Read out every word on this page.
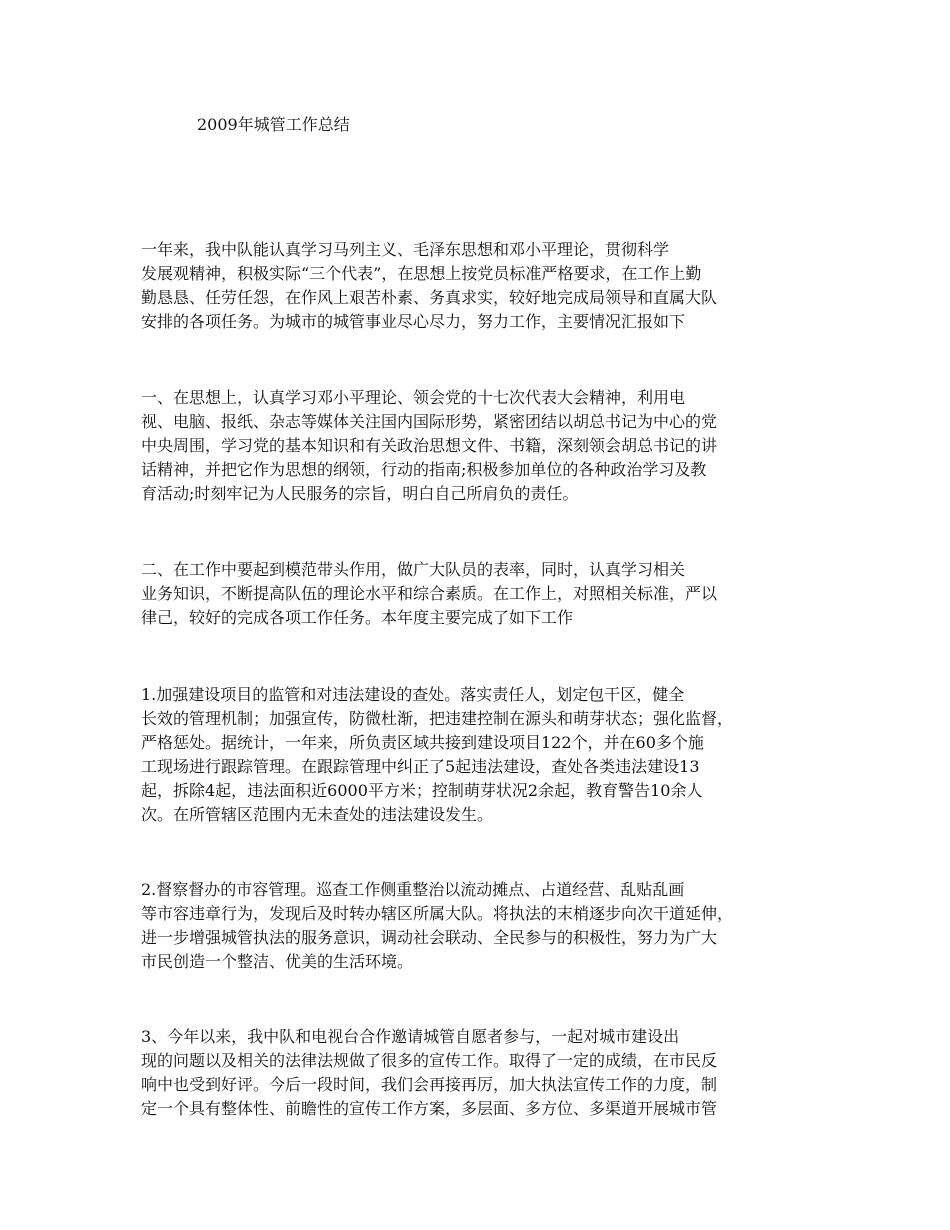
2009年城管工作总结
一年来，我中队能认真学习马列主义、毛泽东思想和邓小平理论，贯彻科学
发展观精神，积极实际“三个代表”，在思想上按党员标准严格要求，在工作上勤
勤恳恳、任劳任怨，在作风上艰苦朴素、务真求实，较好地完成局领导和直属大队
安排的各项任务。为城市的城管事业尽心尽力，努力工作，主要情况汇报如下
一、在思想上，认真学习邓小平理论、领会党的十七次代表大会精神，利用电
视、电脑、报纸、杂志等媒体关注国内国际形势，紧密团结以胡总书记为中心的党
中央周围，学习党的基本知识和有关政治思想文件、书籍，深刻领会胡总书记的讲
话精神，并把它作为思想的纲领，行动的指南;积极参加单位的各种政治学习及教
育活动;时刻牢记为人民服务的宗旨，明白自己所肩负的责任。
二、在工作中要起到模范带头作用，做广大队员的表率，同时，认真学习相关
业务知识，不断提高队伍的理论水平和综合素质。在工作上，对照相关标准，严以
律己，较好的完成各项工作任务。本年度主要完成了如下工作
1.加强建设项目的监管和对违法建设的查处。落实责任人，划定包干区，健全
长效的管理机制；加强宣传，防微杜渐，把违建控制在源头和萌芽状态；强化监督，
严格惩处。据统计，一年来，所负责区域共接到建设项目122个，并在60多个施
工现场进行跟踪管理。在跟踪管理中纠正了5起违法建设，查处各类违法建设13
起，拆除4起，违法面积近6000平方米；控制萌芽状况2余起，教育警告10余人
次。在所管辖区范围内无未查处的违法建设发生。
2.督察督办的市容管理。巡查工作侧重整治以流动摊点、占道经营、乱贴乱画
等市容违章行为，发现后及时转办辖区所属大队。将执法的末梢逐步向次干道延伸，
进一步增强城管执法的服务意识，调动社会联动、全民参与的积极性，努力为广大
市民创造一个整洁、优美的生活环境。
3、今年以来，我中队和电视台合作邀请城管自愿者参与，一起对城市建设出
现的问题以及相关的法律法规做了很多的宣传工作。取得了一定的成绩，在市民反
响中也受到好评。今后一段时间，我们会再接再厉，加大执法宣传工作的力度，制
定一个具有整体性、前瞻性的宣传工作方案，多层面、多方位、多渠道开展城市管
